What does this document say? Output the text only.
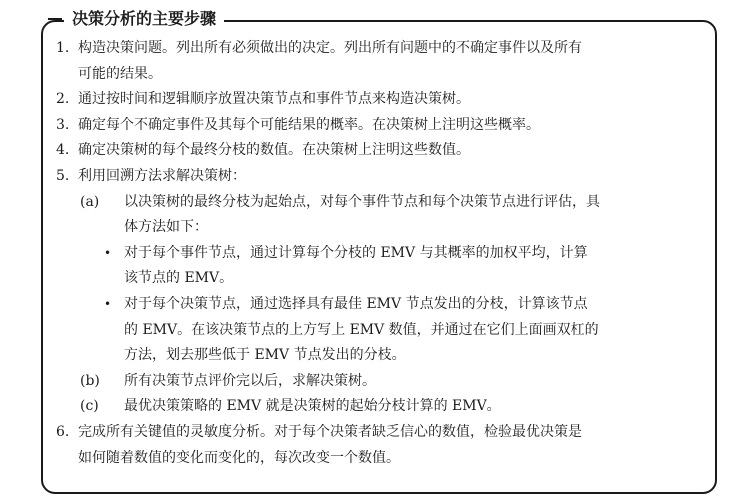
决策分析的主要步骤
1. 构造决策问题。列出所有必须做出的决定。列出所有问题中的不确定事件以及所有
可能的结果。
2. 通过按时间和逻辑顺序放置决策节点和事件节点来构造决策树。
3. 确定每个不确定事件及其每个可能结果的概率。在决策树上注明这些概率。
4. 确定决策树的每个最终分枝的数值。在决策树上注明这些数值。
5. 利用回溯方法求解决策树：
(a) 以决策树的最终分枝为起始点，对每个事件节点和每个决策节点进行评估，具
体方法如下：
• 对于每个事件节点，通过计算每个分枝的 EMV 与其概率的加权平均，计算
该节点的 EMV。
• 对于每个决策节点，通过选择具有最佳 EMV 节点发出的分枝，计算该节点
的 EMV。在该决策节点的上方写上 EMV 数值，并通过在它们上面画双杠的
方法，划去那些低于 EMV 节点发出的分枝。
(b) 所有决策节点评价完以后，求解决策树。
(c) 最优决策策略的 EMV 就是决策树的起始分枝计算的 EMV。
6. 完成所有关键值的灵敏度分析。对于每个决策者缺乏信心的数值，检验最优决策是
如何随着数值的变化而变化的，每次改变一个数值。
